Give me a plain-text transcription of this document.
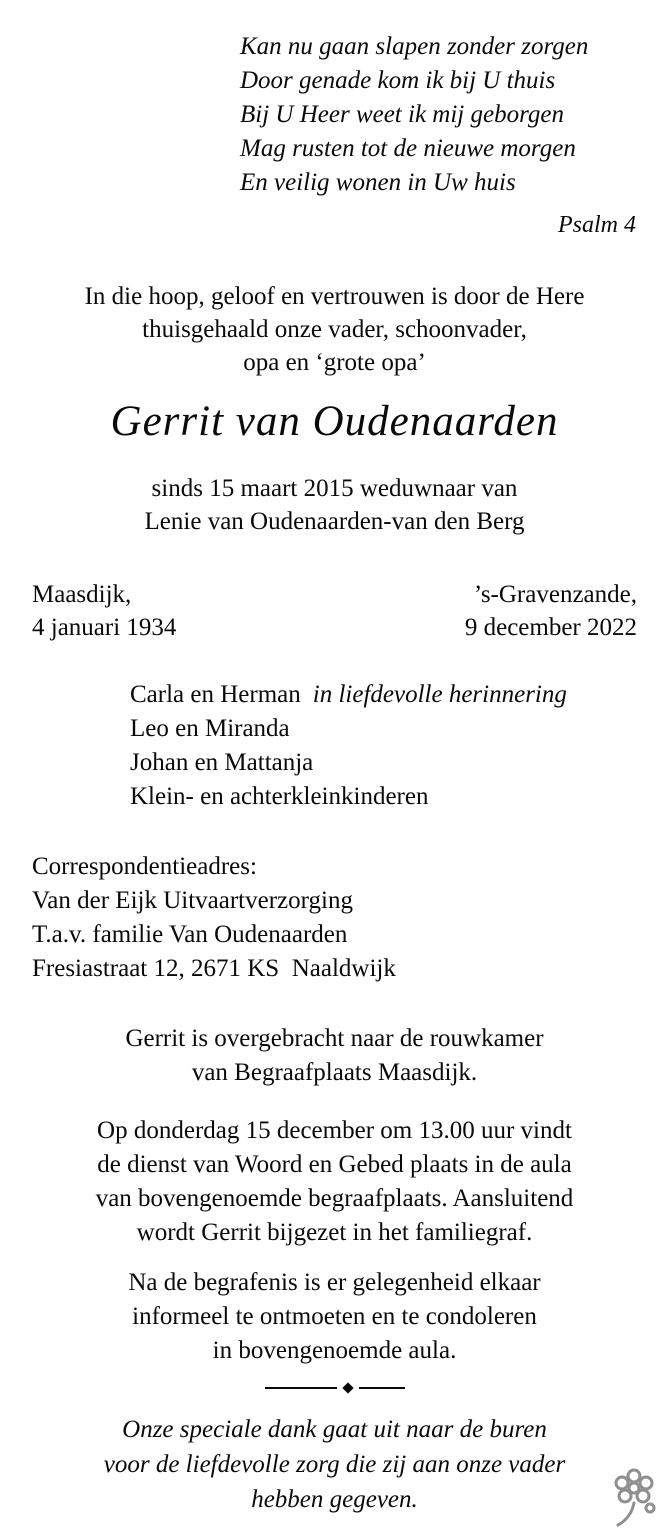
Kan nu gaan slapen zonder zorgen
Door genade kom ik bij U thuis
Bij U Heer weet ik mij geborgen
Mag rusten tot de nieuwe morgen
En veilig wonen in Uw huis
Psalm 4
In die hoop, geloof en vertrouwen is door de Here
thuisgehaald onze vader, schoonvader,
opa en ‘grote opa’
Gerrit van Oudenaarden
sinds 15 maart 2015 weduwnaar van
Lenie van Oudenaarden-van den Berg
Maasdijk,
4 januari 1934
’s-Gravenzande,
9 december 2022
Carla en Herman in liefdevolle herinnering
Leo en Miranda
Johan en Mattanja
Klein- en achterkleinkinderen
Correspondentieadres:
Van der Eijk Uitvaartverzorging
T.a.v. familie Van Oudenaarden
Fresiastraat 12, 2671 KS  Naaldwijk
Gerrit is overgebracht naar de rouwkamer
van Begraafplaats Maasdijk.
Op donderdag 15 december om 13.00 uur vindt
de dienst van Woord en Gebed plaats in de aula
van bovengenoemde begraafplaats. Aansluitend
wordt Gerrit bijgezet in het familiegraf.
Na de begrafenis is er gelegenheid elkaar
informeel te ontmoeten en te condoleren
in bovengenoemde aula.
Onze speciale dank gaat uit naar de buren
voor de liefdevolle zorg die zij aan onze vader
hebben gegeven.
